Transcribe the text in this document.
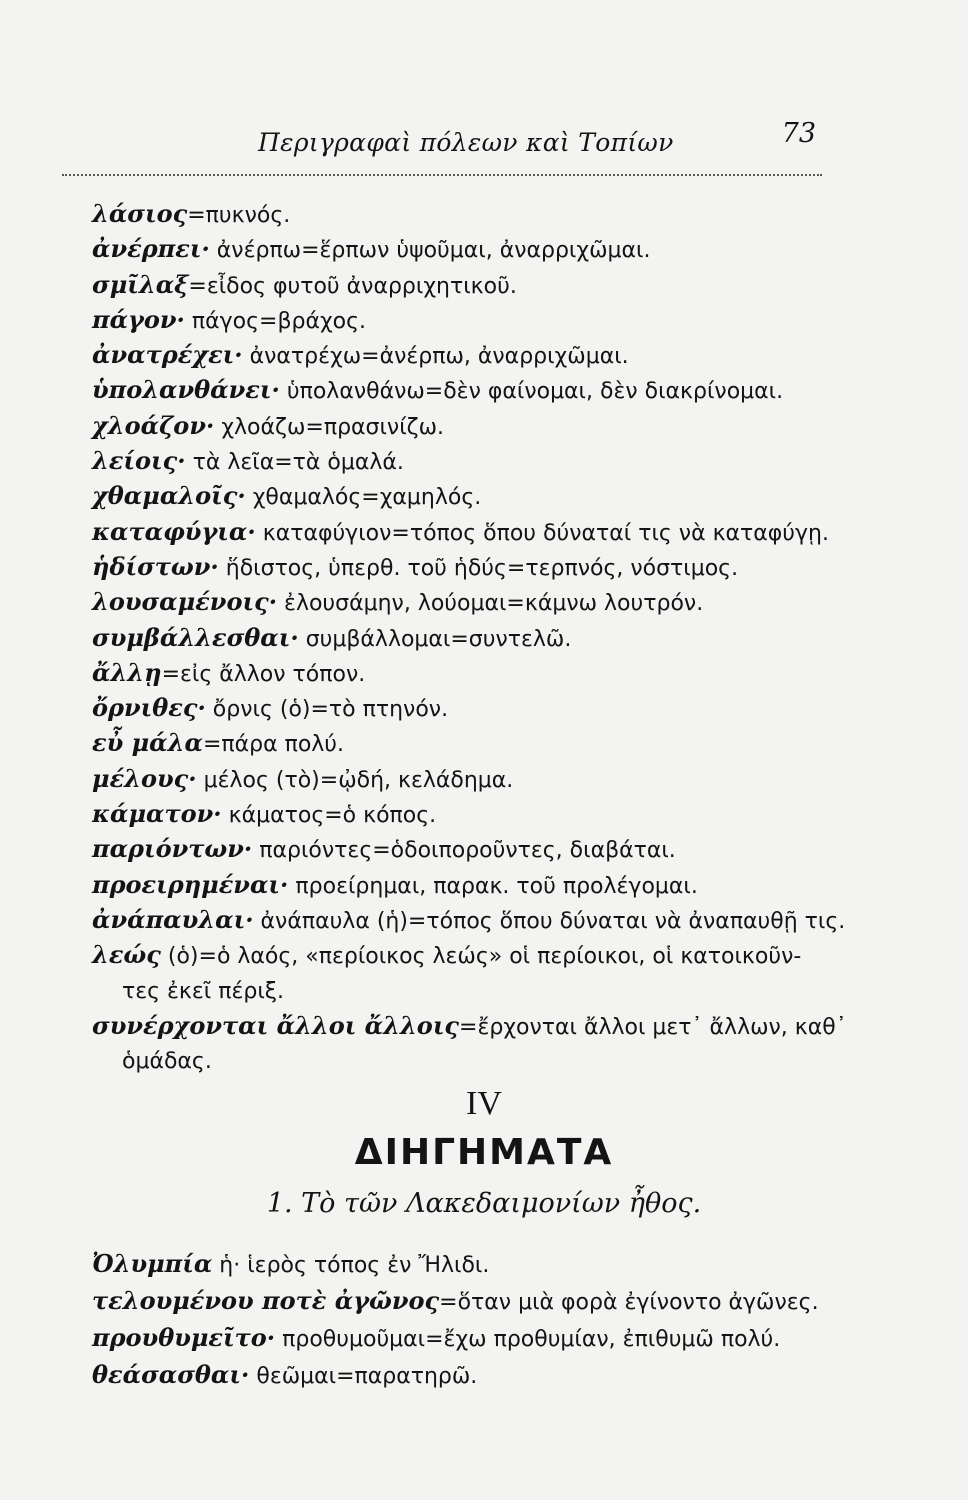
Περιγραφαὶ πόλεων καὶ Τοπίων	73
λάσιος=πυκνός.
ἀνέρπει· ἀνέρπω=ἕρπων ὑψοῦμαι, ἀναρριχῶμαι.
σμῖλαξ=εἶδος φυτοῦ ἀναρριχητικοῦ.
πάγον· πάγος=βράχος.
ἀνατρέχει· ἀνατρέχω=ἀνέρπω, ἀναρριχῶμαι.
ὑπολανθάνει· ὑπολανθάνω=δὲν φαίνομαι, δὲν διακρίνομαι.
χλοάζον· χλοάζω=πρασινίζω.
λείοις· τὰ λεῖα=τὰ ὁμαλά.
χθαμαλοῖς· χθαμαλός=χαμηλός.
καταφύγια· καταφύγιον=τόπος ὅπου δύναταί τις νὰ καταφύγῃ.
ἡδίστων· ἥδιστος, ὑπερθ. τοῦ ἡδύς=τερπνός, νόστιμος.
λουσαμένοις· ἐλουσάμην, λούομαι=κάμνω λουτρόν.
συμβάλλεσθαι· συμβάλλομαι=συντελῶ.
ἄλλῃ=εἰς ἄλλον τόπον.
ὄρνιθες· ὄρνις (ὁ)=τὸ πτηνόν.
εὖ μάλα=πάρα πολύ.
μέλους· μέλος (τὸ)=ᾠδή, κελάδημα.
κάματον· κάματος=ὁ κόπος.
παριόντων· παριόντες=ὁδοιποροῦντες, διαβάται.
προειρημέναι· προείρημαι, παρακ. τοῦ προλέγομαι.
ἀνάπαυλαι· ἀνάπαυλα (ἡ)=τόπος ὅπου δύναται νὰ ἀναπαυθῇ τις.
λεώς (ὁ)=ὁ λαός, «περίοικος λεώς» οἱ περίοικοι, οἱ κατοικοῦν-
τες ἐκεῖ πέριξ.
συνέρχονται ἄλλοι ἄλλοις=ἔρχονται ἄλλοι μετ᾽ ἄλλων, καθ᾽
ὁμάδας.
IV
ΔΙΗΓΗΜΑΤΑ
1. Τὸ τῶν Λακεδαιμονίων ἦθος.
Ὀλυμπία ἡ· ἱερὸς τόπος ἐν Ἤλιδι.
τελουμένου ποτὲ ἀγῶνος=ὅταν μιὰ φορὰ ἐγίνοντο ἀγῶνες.
προυθυμεῖτο· προθυμοῦμαι=ἔχω προθυμίαν, ἐπιθυμῶ πολύ.
θεάσασθαι· θεῶμαι=παρατηρῶ.
